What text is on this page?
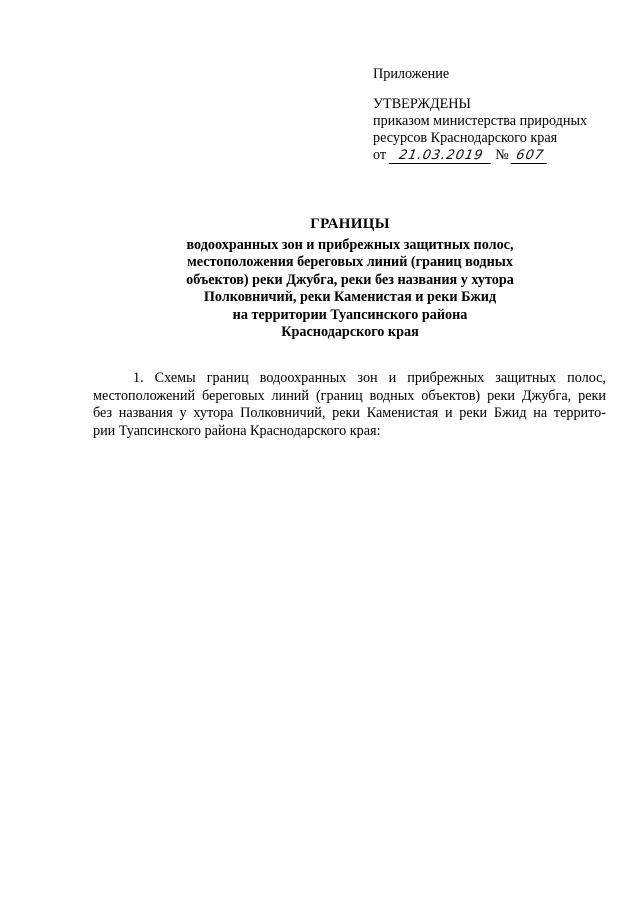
Приложение

УТВЕРЖДЕНЫ

приказом министерства природных

ресурсов Краснодарского края

от 21.03.2019 № 607

ГРАНИЦЫ

водоохранных зон и прибрежных защитных полос,

местоположения береговых линий (границ водных

объектов) реки Джубга, реки без названия у хутора

Полковничий, реки Каменистая и реки Бжид

на территории Туапсинского района

Краснодарского края

1. Схемы границ водоохранных зон и прибрежных защитных полос,

местоположений береговых линий (границ водных объектов) реки Джубга, реки

без названия у хутора Полковничий, реки Каменистая и реки Бжид на террито-

рии Туапсинского района Краснодарского края:
